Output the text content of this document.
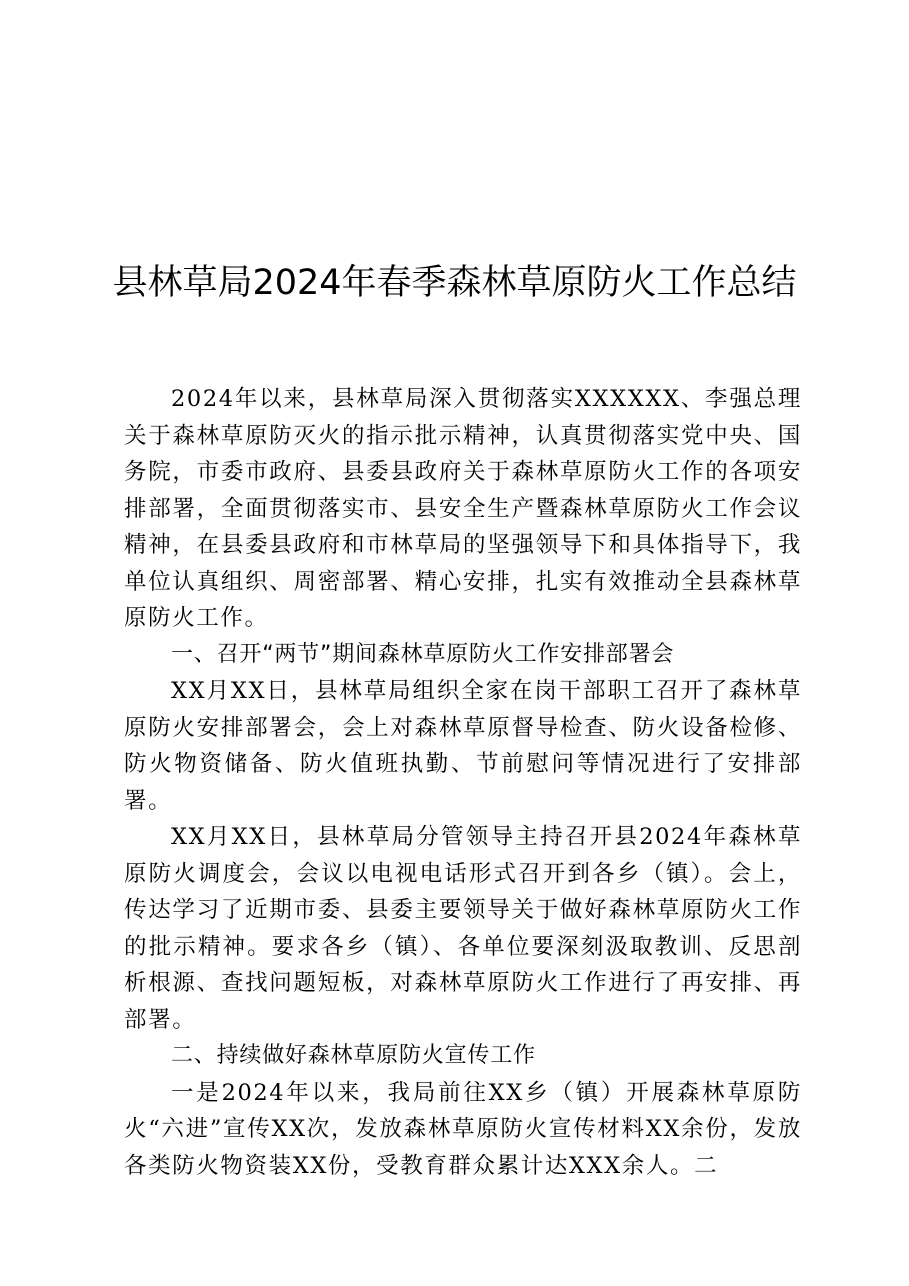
县林草局2024年春季森林草原防火工作总结

2024年以来，县林草局深入贯彻落实XXXXXX、李强总理关于森林草原防灭火的指示批示精神，认真贯彻落实党中央、国务院，市委市政府、县委县政府关于森林草原防火工作的各项安排部署，全面贯彻落实市、县安全生产暨森林草原防火工作会议精神，在县委县政府和市林草局的坚强领导下和具体指导下，我单位认真组织、周密部署、精心安排，扎实有效推动全县森林草原防火工作。

一、召开“两节”期间森林草原防火工作安排部署会

XX月XX日，县林草局组织全家在岗干部职工召开了森林草原防火安排部署会，会上对森林草原督导检查、防火设备检修、防火物资储备、防火值班执勤、节前慰问等情况进行了安排部署。

XX月XX日，县林草局分管领导主持召开县2024年森林草原防火调度会，会议以电视电话形式召开到各乡（镇）。会上，传达学习了近期市委、县委主要领导关于做好森林草原防火工作的批示精神。要求各乡（镇）、各单位要深刻汲取教训、反思剖析根源、查找问题短板，对森林草原防火工作进行了再安排、再部署。

二、持续做好森林草原防火宣传工作

一是2024年以来，我局前往XX乡（镇）开展森林草原防火“六进”宣传XX次，发放森林草原防火宣传材料XX余份，发放各类防火物资装XX份，受教育群众累计达XXX余人。二
